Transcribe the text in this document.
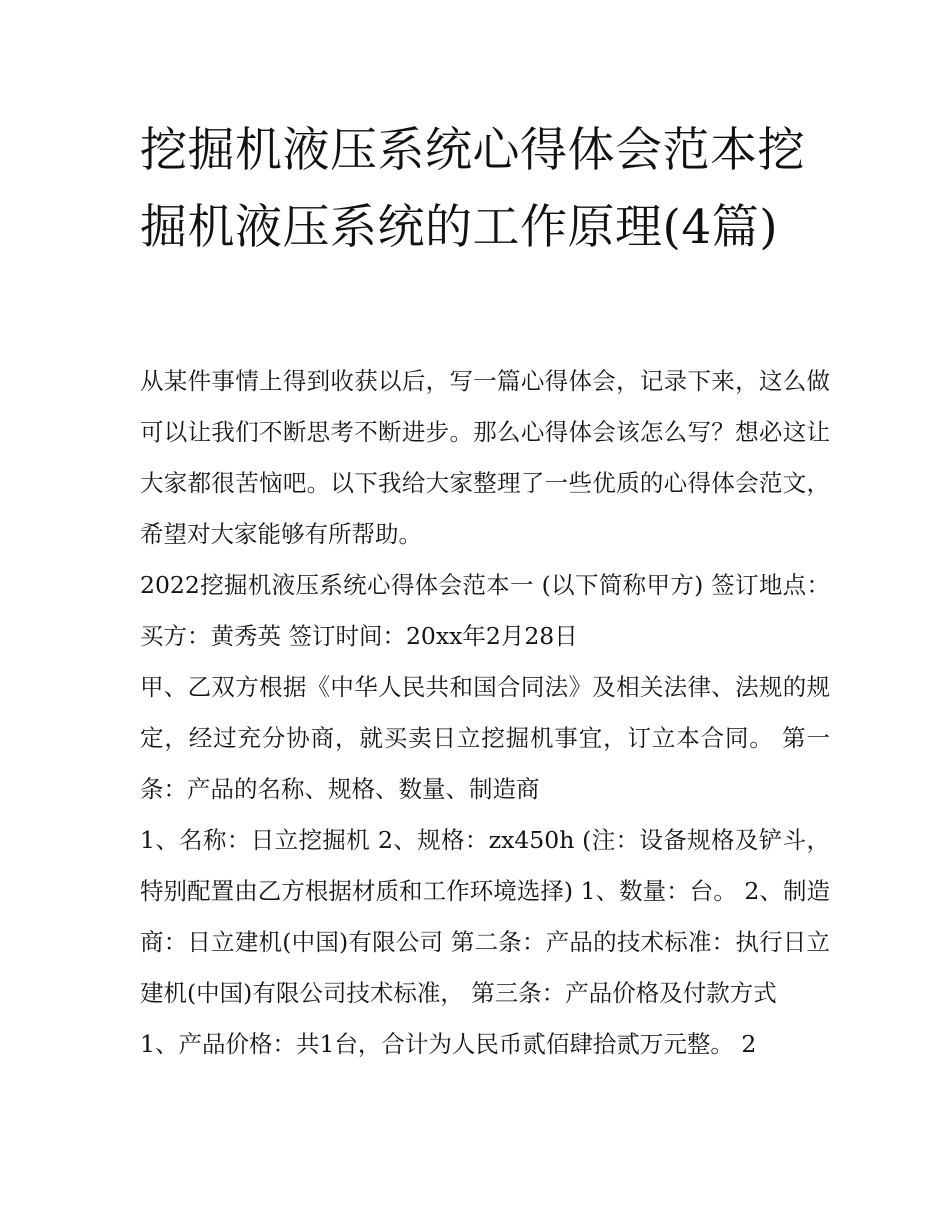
挖掘机液压系统心得体会范本挖掘机液压系统的工作原理(4篇)

从某件事情上得到收获以后，写一篇心得体会，记录下来，这么做可以让我们不断思考不断进步。那么心得体会该怎么写？想必这让大家都很苦恼吧。以下我给大家整理了一些优质的心得体会范文，希望对大家能够有所帮助。

2022挖掘机液压系统心得体会范本一 (以下简称甲方) 签订地点： 买方：黄秀英 签订时间：20xx年2月28日

甲、乙双方根据《中华人民共和国合同法》及相关法律、法规的规定，经过充分协商，就买卖日立挖掘机事宜，订立本合同。 第一条：产品的名称、规格、数量、制造商

1、名称：日立挖掘机 2、规格：zx450h (注：设备规格及铲斗，特别配置由乙方根据材质和工作环境选择) 1、数量：台。 2、制造商：日立建机(中国)有限公司 第二条：产品的技术标准：执行日立建机(中国)有限公司技术标准， 第三条：产品价格及付款方式

1、产品价格：共1台，合计为人民币贰佰肆拾贰万元整。 2
